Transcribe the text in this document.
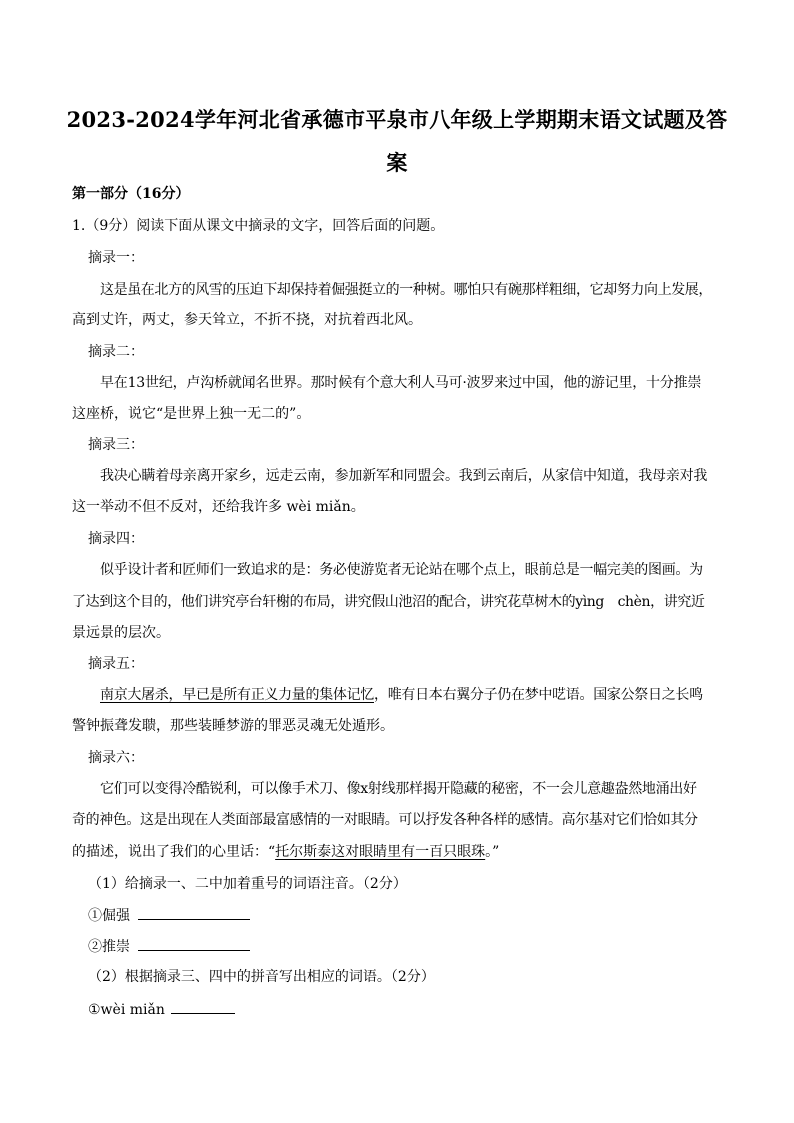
2023-2024学年河北省承德市平泉市八年级上学期期末语文试题及答
案
第一部分（16分）
1.（9分）阅读下面从课文中摘录的文字，回答后面的问题。
摘录一：
这是虽在北方的风雪的压迫下却保持着倔强挺立的一种树。哪怕只有碗那样粗细，它却努力向上发展，
高到丈许，两丈，参天耸立，不折不挠，对抗着西北风。
摘录二：
早在13世纪，卢沟桥就闻名世界。那时候有个意大利人马可·波罗来过中国，他的游记里，十分推崇
这座桥，说它“是世界上独一无二的”。
摘录三：
我决心瞒着母亲离开家乡，远走云南，参加新军和同盟会。我到云南后，从家信中知道，我母亲对我
这一举动不但不反对，还给我许多 wèi miǎn。
摘录四：
似乎设计者和匠师们一致追求的是：务必使游览者无论站在哪个点上，眼前总是一幅完美的图画。为
了达到这个目的，他们讲究亭台轩榭的布局，讲究假山池沼的配合，讲究花草树木的yìng　chèn，讲究近
景远景的层次。
摘录五：
南京大屠杀，早已是所有正义力量的集体记忆，唯有日本右翼分子仍在梦中呓语。国家公祭日之长鸣
警钟振聋发聩，那些装睡梦游的罪恶灵魂无处遁形。
摘录六：
它们可以变得冷酷锐利，可以像手术刀、像x射线那样揭开隐藏的秘密，不一会儿意趣盎然地涌出好
奇的神色。这是出现在人类面部最富感情的一对眼睛。可以抒发各种各样的感情。高尔基对它们恰如其分
的描述，说出了我们的心里话：“托尔斯泰这对眼睛里有一百只眼珠。”
（1）给摘录一、二中加着重号的词语注音。（2分）
①倔强
②推崇
（2）根据摘录三、四中的拼音写出相应的词语。（2分）
①wèi miǎn
